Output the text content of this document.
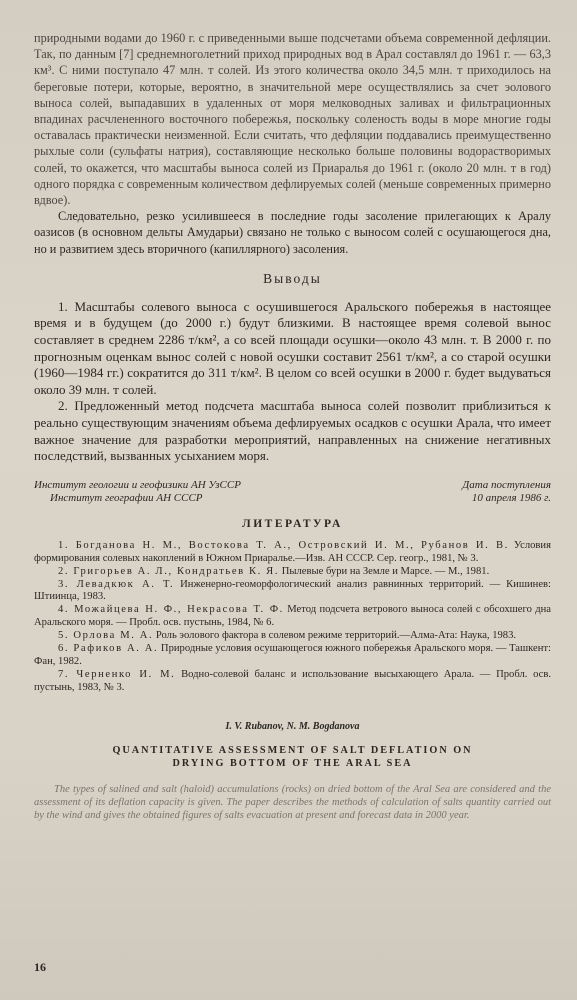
природными водами до 1960 г. с приведенными выше подсчетами объема современной дефляции. Так, по данным [7] среднемноголетний приход природных вод в Арал составлял до 1961 г. — 63,3 км³. С ними поступало 47 млн. т солей. Из этого количества около 34,5 млн. т приходилось на береговые потери, которые, вероятно, в значительной мере осуществлялись за счет эолового выноса солей, выпадавших в удаленных от моря мелководных заливах и фильтрационных впадинах расчлененного восточного побережья, поскольку соленость воды в море многие годы оставалась практически неизменной. Если считать, что дефляции поддавались преимущественно рыхлые соли (сульфаты натрия), составляющие несколько больше половины водорастворимых солей, то окажется, что масштабы выноса солей из Приаралья до 1961 г. (около 20 млн. т в год) одного порядка с современным количеством дефлируемых солей (меньше современных примерно вдвое).

Следовательно, резко усилившееся в последние годы засоление прилегающих к Аралу оазисов (в основном дельты Амударьи) связано не только с выносом солей с осушающегося дна, но и развитием здесь вторичного (капиллярного) засоления.

Выводы

1. Масштабы солевого выноса с осушившегося Аральского побережья в настоящее время и в будущем (до 2000 г.) будут близкими. В настоящее время солевой вынос составляет в среднем 2286 т/км², а со всей площади осушки—около 43 млн. т. В 2000 г. по прогнозным оценкам вынос солей с новой осушки составит 2561 т/км², а со старой осушки (1960—1984 гг.) сократится до 311 т/км². В целом со всей осушки в 2000 г. будет выдуваться около 39 млн. т солей.

2. Предложенный метод подсчета масштаба выноса солей позволит приблизиться к реально существующим значениям объема дефлируемых осадков с осушки Арала, что имеет важное значение для разработки мероприятий, направленных на снижение негативных последствий, вызванных усыханием моря.

Институт геологии и геофизики АН УзССР
Институт географии АН СССР
Дата поступления
10 апреля 1986 г.
ЛИТЕРАТУРА

1. Богданова Н. М., Востокова Т. А., Островский И. М., Рубанов И. В. Условия формирования солевых накоплений в Южном Приаралье.—Изв. АН СССР. Сер. геогр., 1981, № 3.

2. Григорьев А. Л., Кондратьев К. Я. Пылевые бури на Земле и Марсе. — М., 1981.

3. Левадкюк А. Т. Инженерно-геоморфологический анализ равнинных территорий. — Кишинев: Штиинца, 1983.

4. Можайцева Н. Ф., Некрасова Т. Ф. Метод подсчета ветрового выноса солей с обсохшего дна Аральского моря. — Пробл. осв. пустынь, 1984, № 6.

5. Орлова М. А. Роль эолового фактора в солевом режиме территорий.—Алма-Ата: Наука, 1983.

6. Рафиков А. А. Природные условия осушающегося южного побережья Аральского моря. — Ташкент: Фан, 1982.

7. Черненко И. М. Водно-солевой баланс и использование высыхающего Арала. — Пробл. осв. пустынь, 1983, № 3.

I. V. Rubanov, N. M. Bogdanova
QUANTITATIVE ASSESSMENT OF SALT DEFLATION ON
DRYING BOTTOM OF THE ARAL SEA

The types of salined and salt (haloid) accumulations (rocks) on dried bottom of the Aral Sea are considered and the assessment of its deflation capacity is given. The paper describes the methods of calculation of salts quantity carried out by the wind and gives the obtained figures of salts evacuation at present and forecast data in 2000 year.

16
